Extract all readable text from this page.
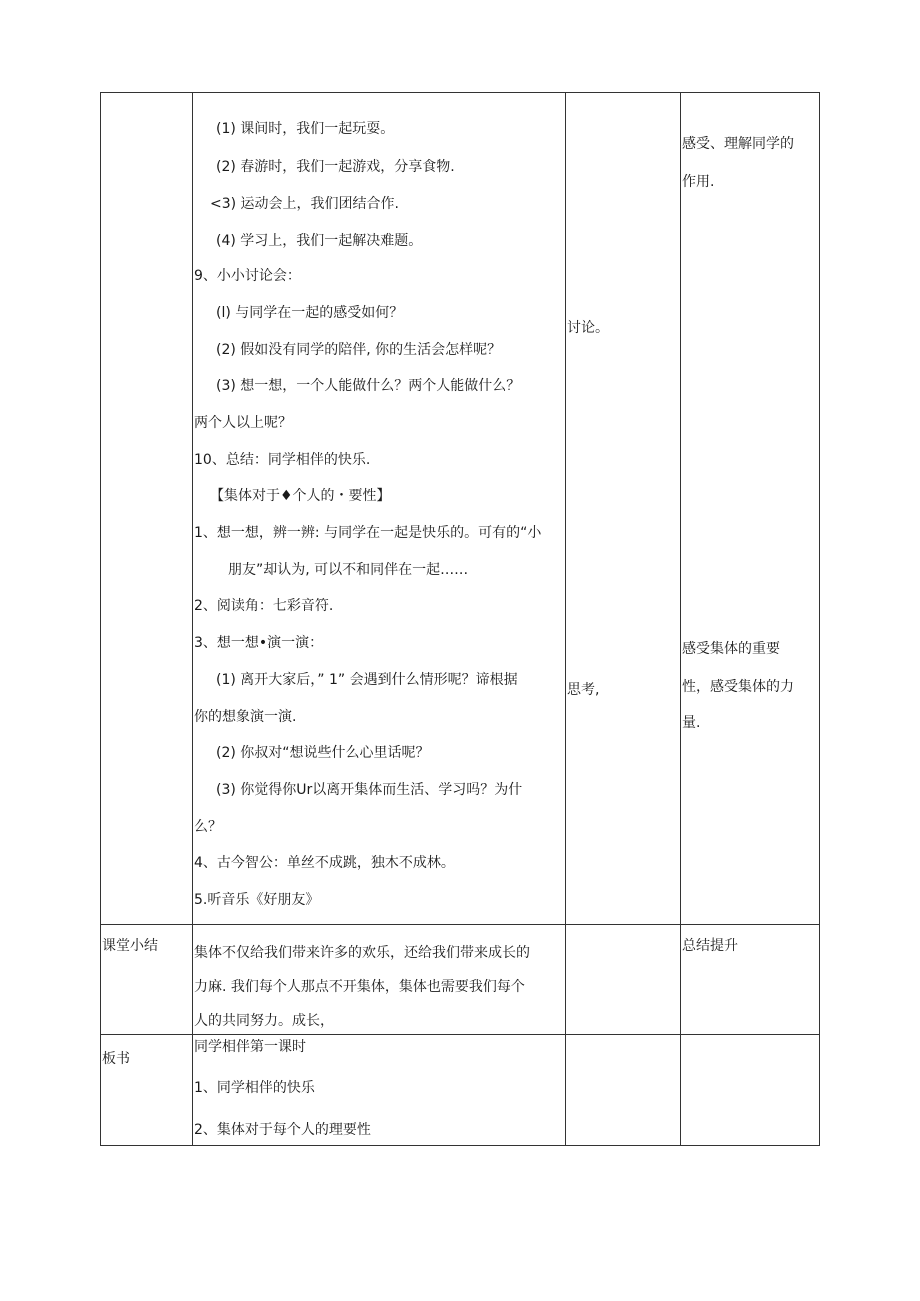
(1) 课间时，我们一起玩耍。
(2) 春游时，我们一起游戏，分享食物.
<3) 运动会上，我们团结合作.
(4) 学习上，我们一起解决难题。
9、小小讨论会：
(l) 与同学在一起的感受如何？
(2) 假如没有同学的陪伴, 你的生活会怎样呢？
(3) 想一想，一个人能做什么？两个人能做什么？
两个人以上呢？
10、总结：同学相伴的快乐.
【集体对于♦个人的・要性】
1、想一想，辨一辨: 与同学在一起是快乐的。可有的“小
朋友”却认为, 可以不和同伴在一起……
2、阅读角：七彩音符.
3、想一想•演一演：
(1) 离开大家后，” 1” 会遇到什么情形呢？谛根据
你的想象演一演.
(2) 你叔对“想说些什么心里话呢？
(3) 你觉得你Ur以离开集体而生活、学习吗？为什
么？
4、古今智公：单丝不成跳，独木不成林。
5.听音乐《好朋友》
讨论。
思考,
感受、理解同学的
作用.
感受集体的重要
性，感受集体的力
量.
课堂小结	集体不仅给我们带来许多的欢乐，还给我们带来成长的
力麻. 我们每个人那点不开集体，集体也需要我们每个
人的共同努力。成长，
总结提升
板书
同学相伴第一课时
1、同学相伴的快乐
2、集体对于每个人的理要性
